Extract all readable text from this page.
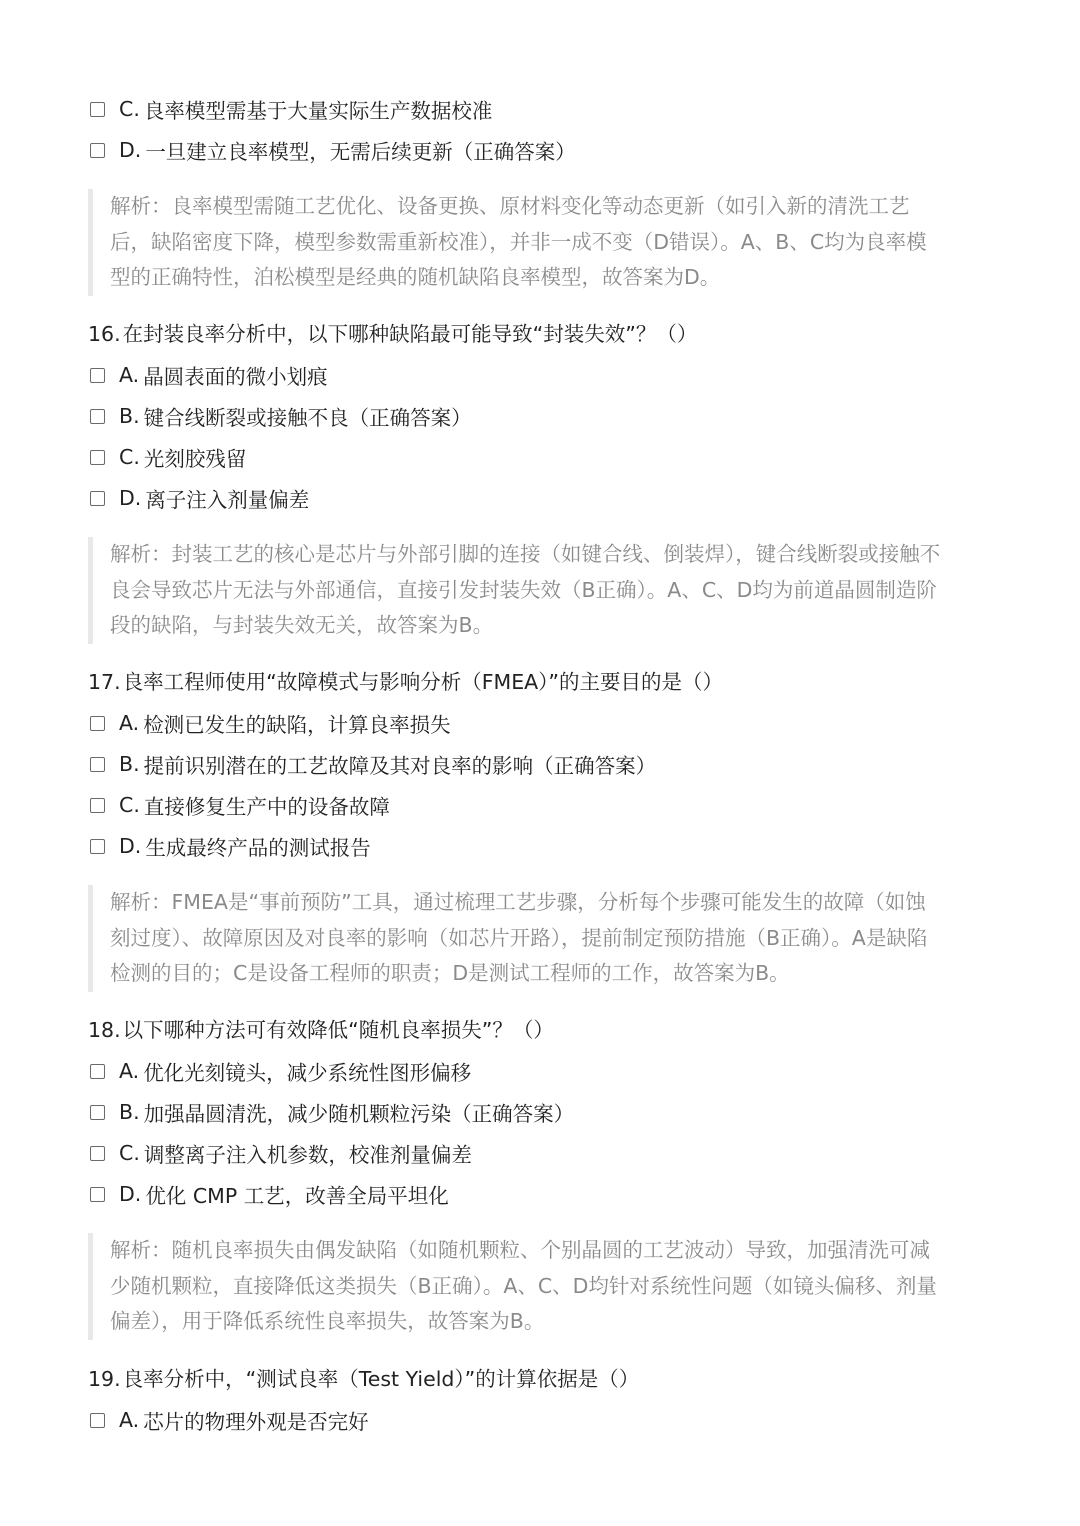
C. 良率模型需基于大量实际生产数据校准
D. 一旦建立良率模型，无需后续更新（正确答案）
解析：良率模型需随工艺优化、设备更换、原材料变化等动态更新（如引入新的清洗工艺
后，缺陷密度下降，模型参数需重新校准），并非一成不变（D错误）。A、B、C均为良率模
型的正确特性，泊松模型是经典的随机缺陷良率模型，故答案为D。
16. 在封装良率分析中，以下哪种缺陷最可能导致“封装失效”？（）
A. 晶圆表面的微小划痕
B. 键合线断裂或接触不良（正确答案）
C. 光刻胶残留
D. 离子注入剂量偏差
解析：封装工艺的核心是芯片与外部引脚的连接（如键合线、倒装焊），键合线断裂或接触不
良会导致芯片无法与外部通信，直接引发封装失效（B正确）。A、C、D均为前道晶圆制造阶
段的缺陷，与封装失效无关，故答案为B。
17. 良率工程师使用“故障模式与影响分析（FMEA）”的主要目的是（）
A. 检测已发生的缺陷，计算良率损失
B. 提前识别潜在的工艺故障及其对良率的影响（正确答案）
C. 直接修复生产中的设备故障
D. 生成最终产品的测试报告
解析：FMEA是“事前预防”工具，通过梳理工艺步骤，分析每个步骤可能发生的故障（如蚀
刻过度）、故障原因及对良率的影响（如芯片开路），提前制定预防措施（B正确）。A是缺陷
检测的目的；C是设备工程师的职责；D是测试工程师的工作，故答案为B。
18. 以下哪种方法可有效降低“随机良率损失”？（）
A. 优化光刻镜头，减少系统性图形偏移
B. 加强晶圆清洗，减少随机颗粒污染（正确答案）
C. 调整离子注入机参数，校准剂量偏差
D. 优化 CMP 工艺，改善全局平坦化
解析：随机良率损失由偶发缺陷（如随机颗粒、个别晶圆的工艺波动）导致，加强清洗可减
少随机颗粒，直接降低这类损失（B正确）。A、C、D均针对系统性问题（如镜头偏移、剂量
偏差），用于降低系统性良率损失，故答案为B。
19. 良率分析中，“测试良率（Test Yield）”的计算依据是（）
A. 芯片的物理外观是否完好
